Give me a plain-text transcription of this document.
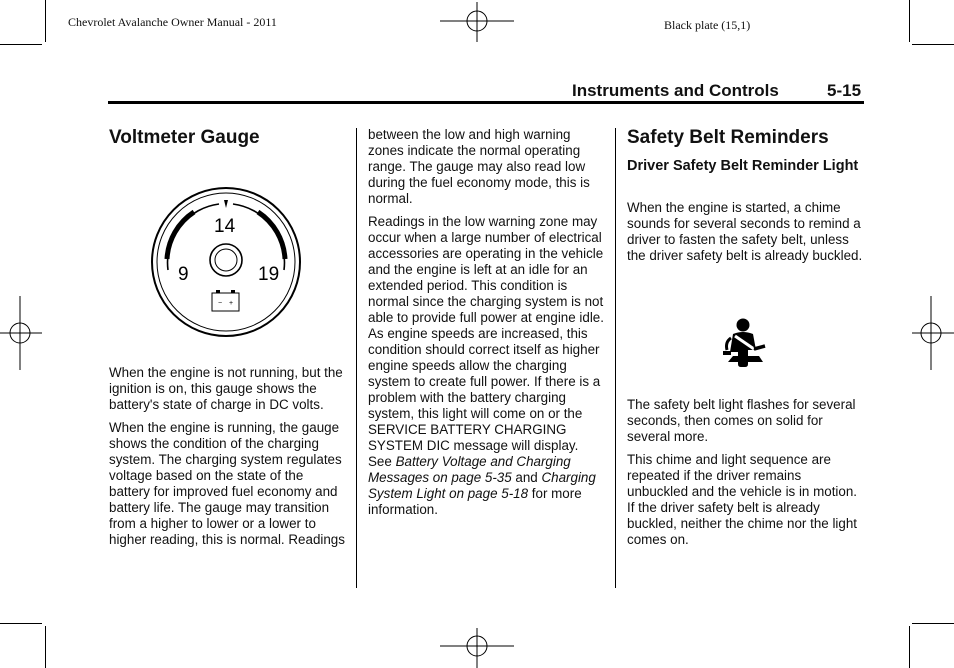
Chevrolet Avalanche Owner Manual - 2011	Black plate (15,1)
Instruments and Controls	5-15
Voltmeter Gauge
− +
14
9	19

When the engine is not running, but the ignition is on, this gauge shows the battery's state of charge in DC volts.

When the engine is running, the gauge shows the condition of the charging system. The charging system regulates voltage based on the state of the battery for improved fuel economy and battery life. The gauge may transition from a higher to lower or a lower to higher reading, this is normal. Readings

between the low and high warning zones indicate the normal operating range. The gauge may also read low during the fuel economy mode, this is normal.

Readings in the low warning zone may occur when a large number of electrical accessories are operating in the vehicle and the engine is left at an idle for an extended period. This condition is normal since the charging system is not able to provide full power at engine idle. As engine speeds are increased, this condition should correct itself as higher engine speeds allow the charging system to create full power. If there is a problem with the battery charging system, this light will come on or the SERVICE BATTERY CHARGING SYSTEM DIC message will display. See Battery Voltage and Charging Messages on page 5-35 and Charging System Light on page 5-18 for more information.

Safety Belt Reminders
Driver Safety Belt Reminder Light

When the engine is started, a chime sounds for several seconds to remind a driver to fasten the safety belt, unless the driver safety belt is already buckled.

The safety belt light flashes for several seconds, then comes on solid for several more.

This chime and light sequence are repeated if the driver remains unbuckled and the vehicle is in motion. If the driver safety belt is already buckled, neither the chime nor the light comes on.
